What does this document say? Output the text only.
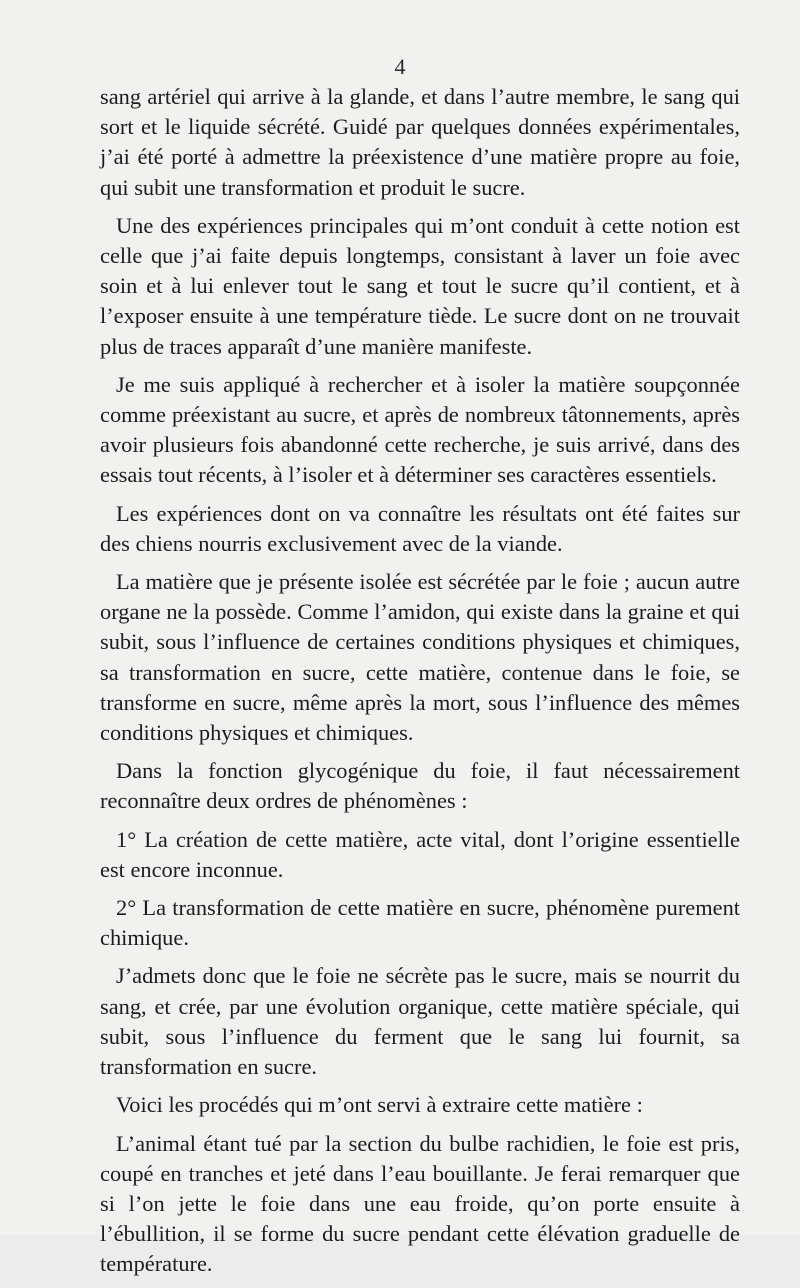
4

sang artériel qui arrive à la glande, et dans l’autre membre, le sang qui sort et le liquide sécrété. Guidé par quelques données expérimentales, j’ai été porté à admettre la préexistence d’une matière propre au foie, qui subit une transformation et produit le sucre.

Une des expériences principales qui m’ont conduit à cette notion est celle que j’ai faite depuis longtemps, consistant à laver un foie avec soin et à lui enlever tout le sang et tout le sucre qu’il contient, et à l’exposer ensuite à une température tiède. Le sucre dont on ne trouvait plus de traces apparaît d’une manière manifeste.

Je me suis appliqué à rechercher et à isoler la matière soupçonnée comme préexistant au sucre, et après de nombreux tâtonnements, après avoir plusieurs fois abandonné cette recherche, je suis arrivé, dans des essais tout récents, à l’isoler et à déterminer ses caractères essentiels.

Les expériences dont on va connaître les résultats ont été faites sur des chiens nourris exclusivement avec de la viande.

La matière que je présente isolée est sécrétée par le foie ; aucun autre organe ne la possède. Comme l’amidon, qui existe dans la graine et qui subit, sous l’influence de certaines conditions physiques et chimiques, sa transformation en sucre, cette matière, contenue dans le foie, se transforme en sucre, même après la mort, sous l’influence des mêmes conditions physiques et chimiques.

Dans la fonction glycogénique du foie, il faut nécessairement reconnaître deux ordres de phénomènes :

1° La création de cette matière, acte vital, dont l’origine essentielle est encore inconnue.

2° La transformation de cette matière en sucre, phénomène purement chimique.

J’admets donc que le foie ne sécrète pas le sucre, mais se nourrit du sang, et crée, par une évolution organique, cette matière spéciale, qui subit, sous l’influence du ferment que le sang lui fournit, sa transformation en sucre.

Voici les procédés qui m’ont servi à extraire cette matière :

L’animal étant tué par la section du bulbe rachidien, le foie est pris, coupé en tranches et jeté dans l’eau bouillante. Je ferai remarquer que si l’on jette le foie dans une eau froide, qu’on porte ensuite à l’ébullition, il se forme du sucre pendant cette élévation graduelle de température.
